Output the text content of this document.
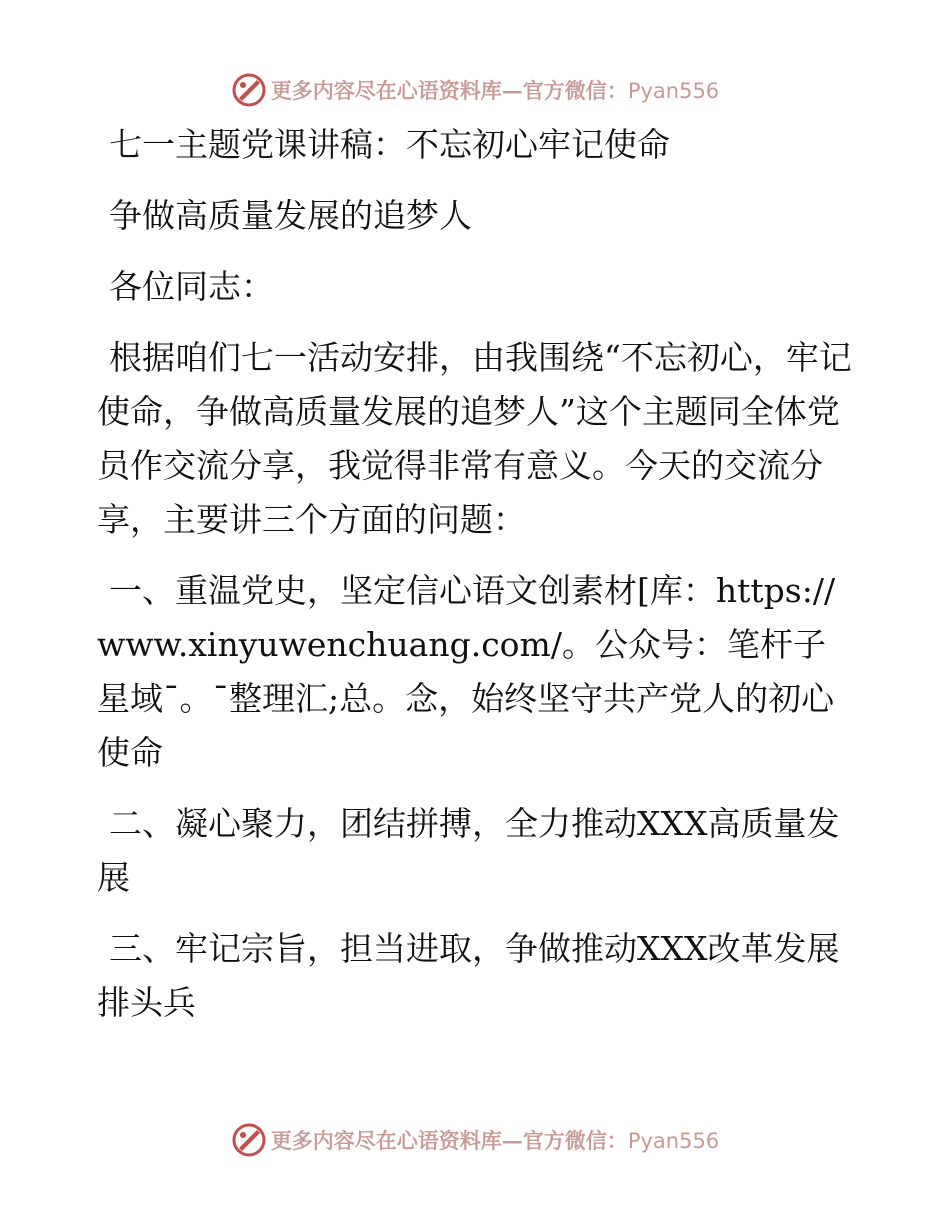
更多内容尽在心语资料库—官方微信：Pyan556

七一主题党课讲稿：不忘初心牢记使命

争做高质量发展的追梦人

各位同志：

根据咱们七一活动安排，由我围绕“不忘初心，牢记使命，争做高质量发展的追梦人”这个主题同全体党员作交流分享，我觉得非常有意义。今天的交流分享，主要讲三个方面的问题：

一、重温党史，坚定信心语文创素材[库：https://www.xinyuwenchuang.com/。公众号：笔杆子星域¯。¯整理汇;总。念，始终坚守共产党人的初心使命

二、凝心聚力，团结拼搏，全力推动XXX高质量发展

三、牢记宗旨，担当进取，争做推动XXX改革发展排头兵

更多内容尽在心语资料库—官方微信：Pyan556
